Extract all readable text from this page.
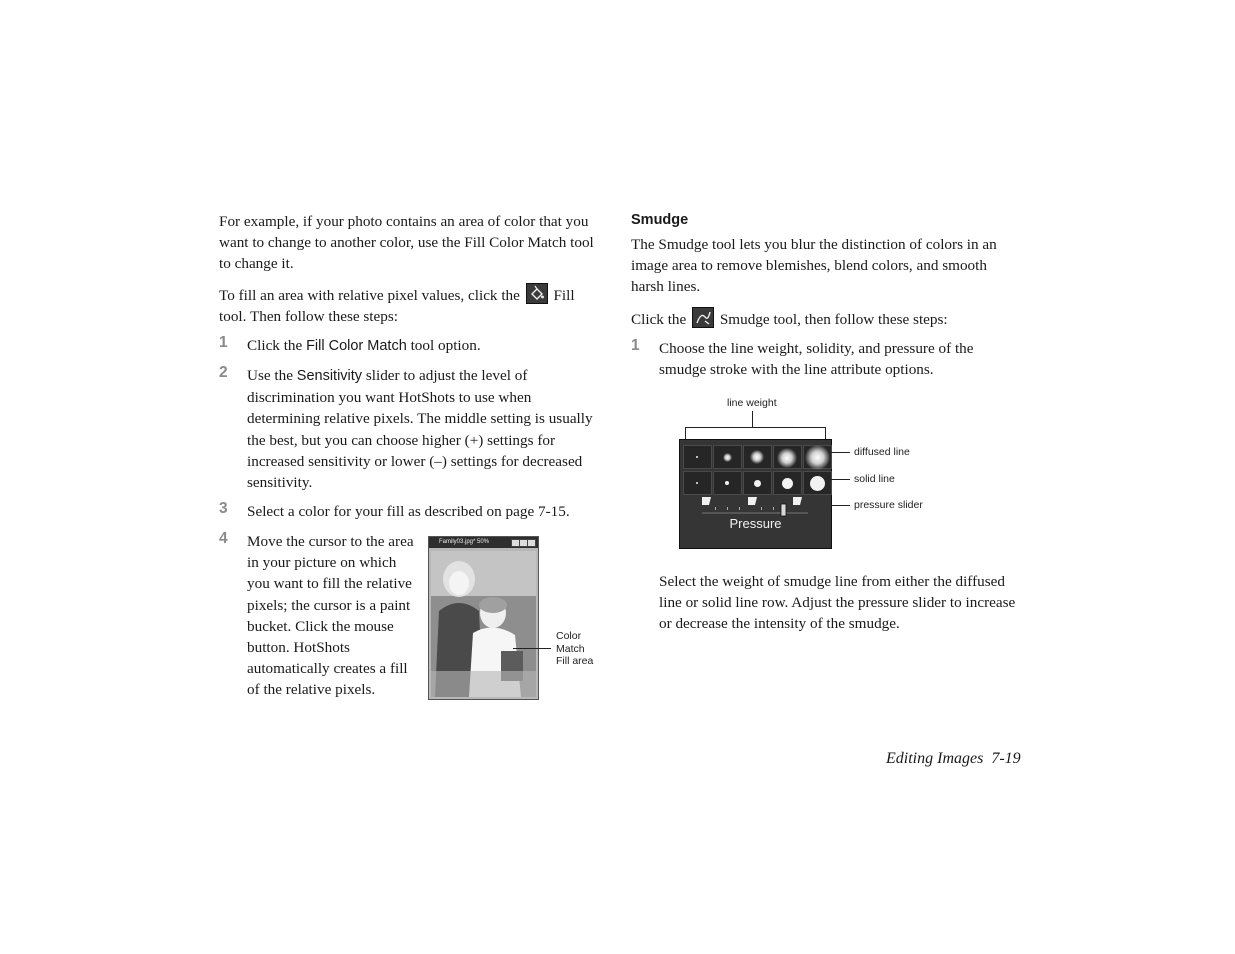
For example, if your photo contains an area of color that you want to change to another color, use the Fill Color Match tool to change it.

To fill an area with relative pixel values, click the Fill tool. Then follow these steps:

1 Click the Fill Color Match tool option.

2 Use the Sensitivity slider to adjust the level of discrimination you want HotShots to use when determining relative pixels. The middle setting is usually the best, but you can choose higher (+) settings for increased sensitivity or lower (–) settings for decreased sensitivity.

3 Select a color for your fill as described on page 7-15.

4 Move the cursor to the area in your picture on which you want to fill the relative pixels; the cursor is a paint bucket. Click the mouse button. HotShots automatically creates a fill of the relative pixels.

Family03.jpg* 50%
Color
Match
Fill area
Smudge

The Smudge tool lets you blur the distinction of colors in an image area to remove blemishes, blend colors, and smooth harsh lines.

Click the Smudge tool, then follow these steps:

1 Choose the line weight, solidity, and pressure of the smudge stroke with the line attribute options.

line weight
Pressure
diffused line
solid line
pressure slider

Select the weight of smudge line from either the diffused line or solid line row. Adjust the pressure slider to increase or decrease the intensity of the smudge.

Editing Images 7-19
